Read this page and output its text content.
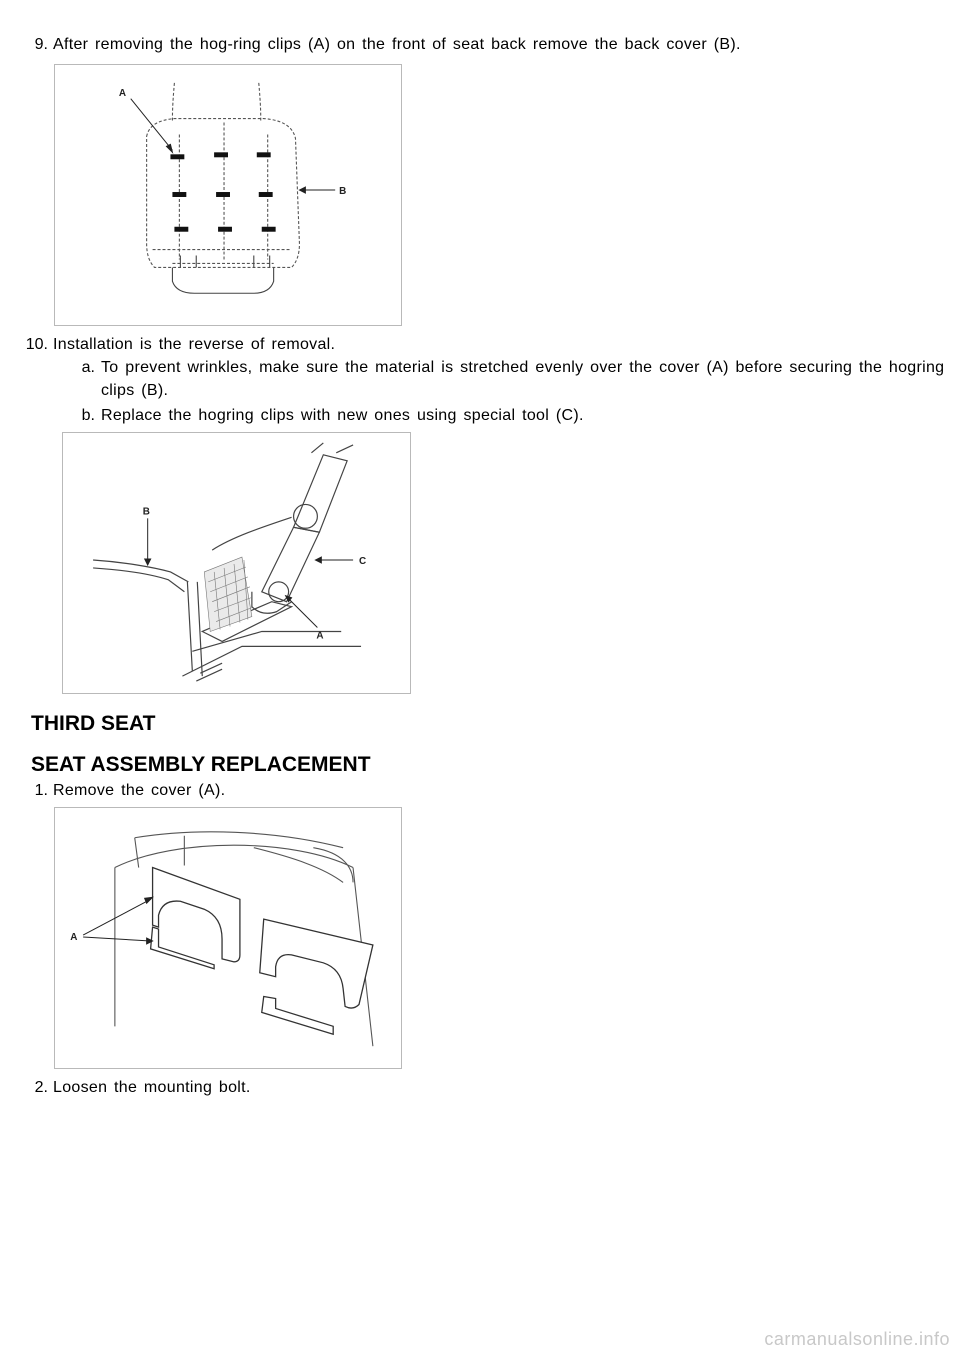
9. After removing the hog-ring clips (A) on the front of seat back remove the back cover (B).
A
B
10. Installation is the reverse of removal.
a. To prevent wrinkles, make sure the material is stretched evenly over the cover (A) before securing the hogring
clips (B).
b. Replace the hogring clips with new ones using special tool (C).
B
C
A
THIRD SEAT
SEAT ASSEMBLY REPLACEMENT
1. Remove the cover (A).
A
2. Loosen the mounting bolt.
carmanualsonline.info
